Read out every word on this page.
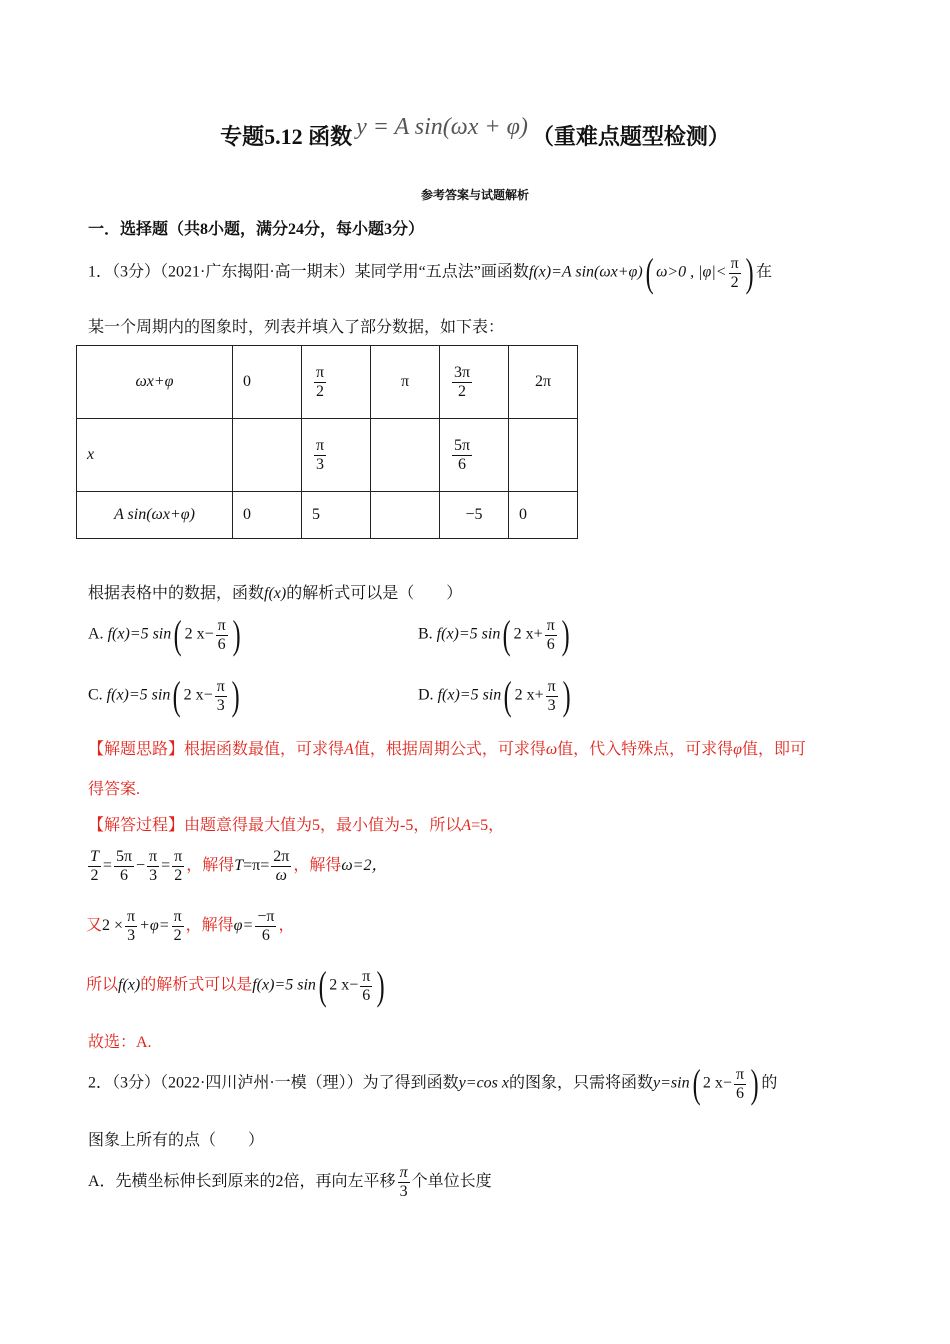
专题5.12 函数 y = A sin(ωx + φ) （重难点题型检测）
参考答案与试题解析
一．选择题（共8小题，满分24分，每小题3分）
1．（3分）（2021·广东揭阳·高一期末）某同学用“五点法”画函数f(x)=A sin(ωx+φ)( ω>0 , $|\varphi|< \frac{\pi}{2}$ ) 在
某一个周期内的图象时，列表并填入了部分数据，如下表：
ωx+φ	0	$\frac{\pi}{2}$	π	$\frac{3\pi}{2}$	2π
x		$\frac{\pi}{3}$		$\frac{5\pi}{6}$

A sin(ωx+φ)	0	5		−5	0
根据表格中的数据，函数f(x)的解析式可以是（　　）
A. f(x)=5 sin( 2 $x- \frac{\pi}{6}$ )	B. f(x)=5 sin( 2 $x+ \frac{\pi}{6}$ )
C. f(x)=5 sin( 2 $x- \frac{\pi}{3}$ )	D. f(x)=5 sin( 2 $x+ \frac{\pi}{3}$ )
【解题思路】根据函数最值，可求得A值，根据周期公式，可求得ω值，代入特殊点，可求得φ值，即可
得答案.
【解答过程】由题意得最大值为5，最小值为-5，所以A=5，
$\frac{T}{2} = \frac{5\pi}{6} - \frac{\pi}{3} = \frac{\pi}{2}$ ，解得$T=\pi= \frac{2\pi}{\omega}$ ，解得ω=2，
又$2 \times \frac{\pi}{3} +\varphi= \frac{\pi}{2}$ ，解得$\varphi= \frac{-\pi}{6}$ ，
所以f(x)的解析式可以是f(x)=5 sin( 2 $x- \frac{\pi}{6}$ )
故选：A.
2．（3分）（2022·四川泸州·一模（理））为了得到函数y=cos x的图象，只需将函数y=sin( 2 $x- \frac{\pi}{6}$ ) 的
图象上所有的点（　　）
A．先横坐标伸长到原来的2倍，再向左平移 $\frac{\pi}{3}$ 个单位长度
